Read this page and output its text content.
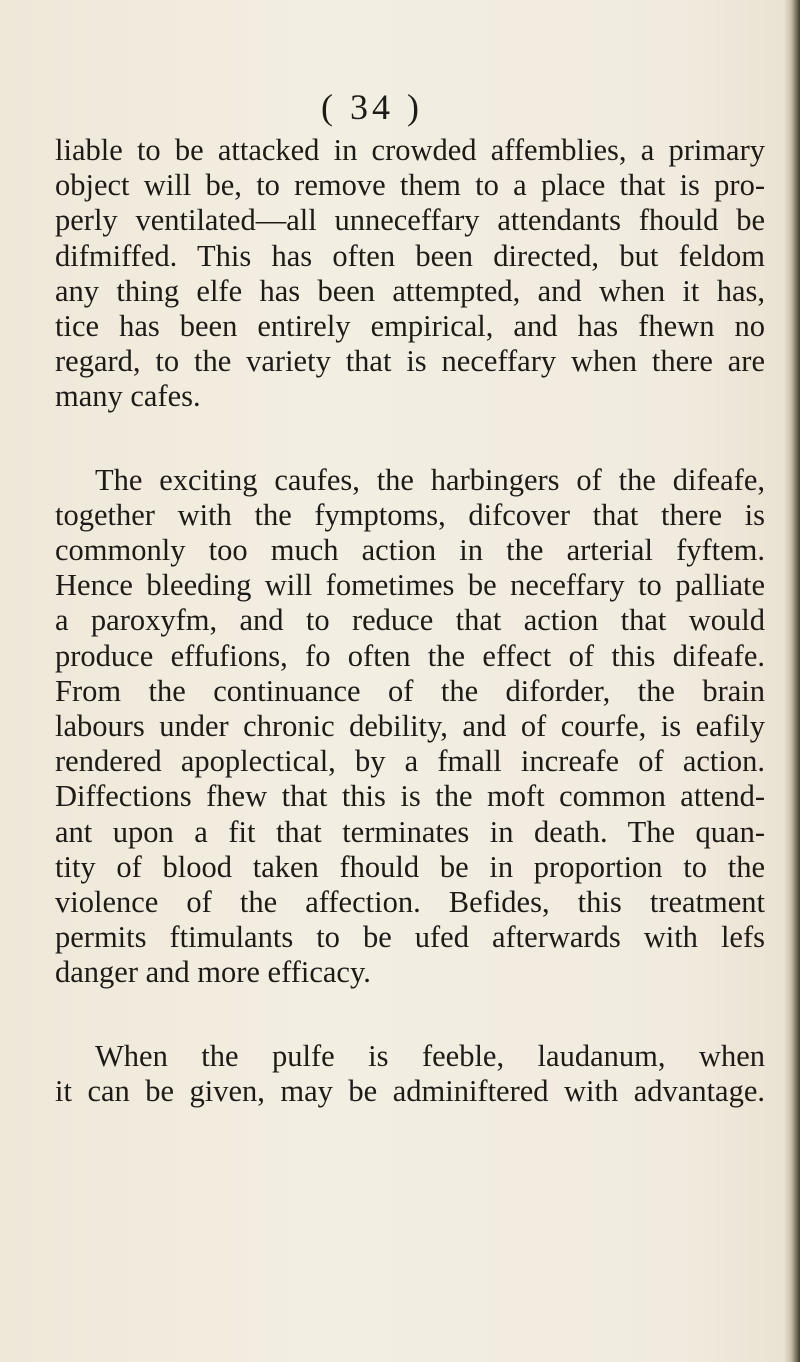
( 34 )
liable to be attacked in crowded affemblies, a primary
object will be, to remove them to a place that is pro-
perly ventilated—all unneceffary attendants fhould be
difmiffed. This has often been directed, but feldom
any thing elfe has been attempted, and when it has,
tice has been entirely empirical, and has fhewn no
regard, to the variety that is neceffary when there are
many cafes.
The exciting caufes, the harbingers of the difeafe,
together with the fymptoms, difcover that there is
commonly too much action in the arterial fyftem.
Hence bleeding will fometimes be neceffary to palliate
a paroxyfm, and to reduce that action that would
produce effufions, fo often the effect of this difeafe.
From the continuance of the diforder, the brain
labours under chronic debility, and of courfe, is eafily
rendered apoplectical, by a fmall increafe of action.
Diffections fhew that this is the moft common attend-
ant upon a fit that terminates in death. The quan-
tity of blood taken fhould be in proportion to the
violence of the affection. Befides, this treatment
permits ftimulants to be ufed afterwards with lefs
danger and more efficacy.
When the pulfe is feeble, laudanum, when
it can be given, may be adminiftered with advantage.
